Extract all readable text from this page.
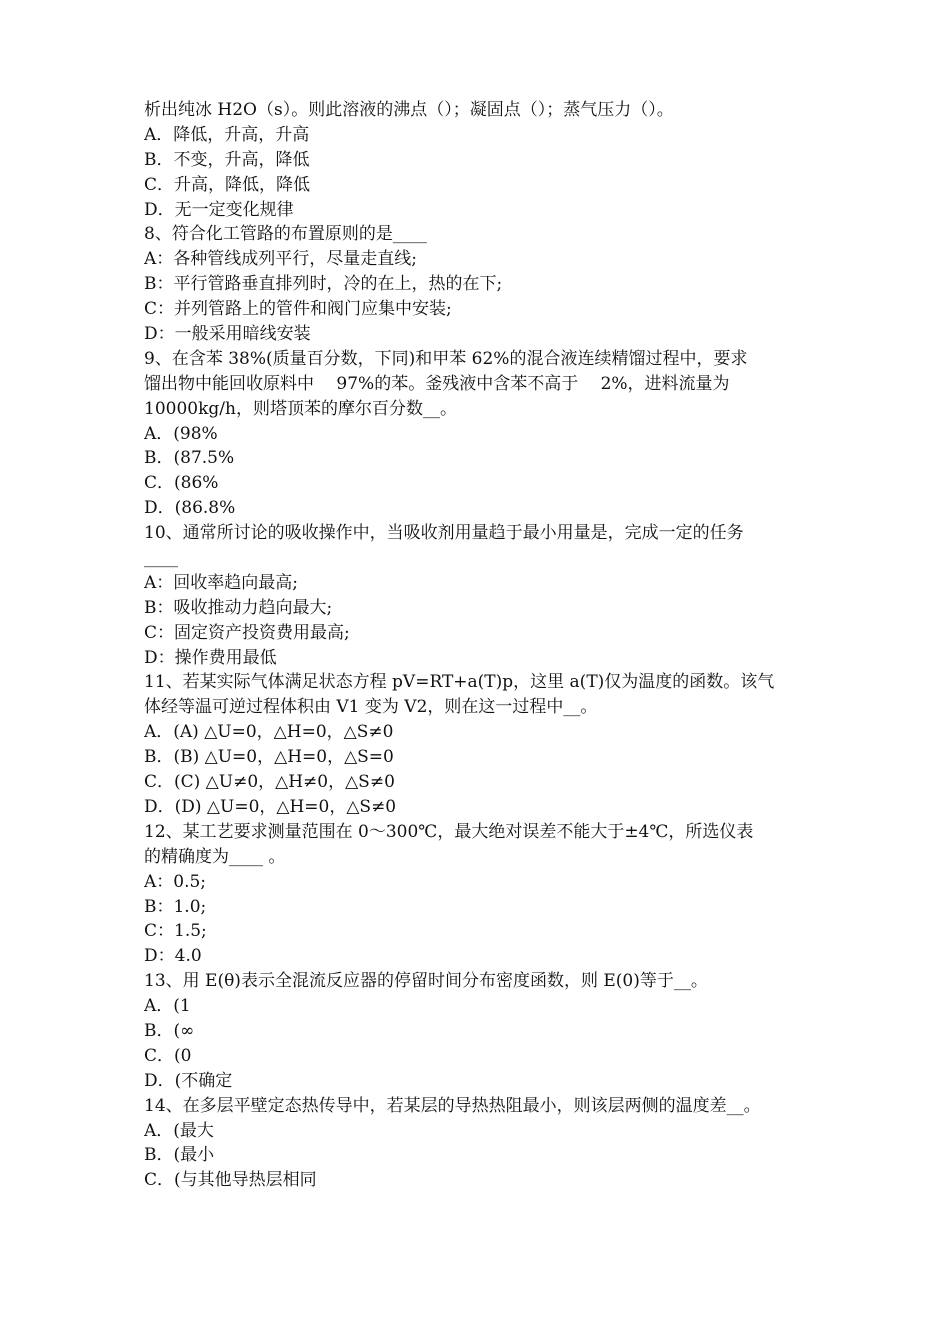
析出纯冰 H2O（s）。则此溶液的沸点（）；凝固点（）；蒸气压力（）。
A．降低，升高，升高
B．不变，升高，降低
C．升高，降低，降低
D．无一定变化规律
8、符合化工管路的布置原则的是____
A：各种管线成列平行，尽量走直线;
B：平行管路垂直排列时，冷的在上，热的在下;
C：并列管路上的管件和阀门应集中安装;
D：一般采用暗线安装
9、在含苯 38%(质量百分数，下同)和甲苯 62%的混合液连续精馏过程中，要求
馏出物中能回收原料中　 97%的苯。釜残液中含苯不高于　 2%，进料流量为
10000kg/h，则塔顶苯的摩尔百分数__。
A．(98%
B．(87.5%
C．(86%
D．(86.8%
10、通常所讨论的吸收操作中，当吸收剂用量趋于最小用量是，完成一定的任务
____
A：回收率趋向最高;
B：吸收推动力趋向最大;
C：固定资产投资费用最高;
D：操作费用最低
11、若某实际气体满足状态方程 pV=RT+a(T)p，这里 a(T)仅为温度的函数。该气
体经等温可逆过程体积由 V1 变为 V2，则在这一过程中__。
A．(A) △U=0，△H=0，△S≠0
B．(B) △U=0，△H=0，△S=0
C．(C) △U≠0，△H≠0，△S≠0
D．(D) △U=0，△H=0，△S≠0
12、某工艺要求测量范围在 0～300℃，最大绝对误差不能大于±4℃，所选仪表
的精确度为____ 。
A：0.5;
B：1.0;
C：1.5;
D：4.0
13、用 E(θ)表示全混流反应器的停留时间分布密度函数，则 E(0)等于__。
A．(1
B．(∞
C．(0
D．(不确定
14、在多层平壁定态热传导中，若某层的导热热阻最小，则该层两侧的温度差__。
A．(最大
B．(最小
C．(与其他导热层相同
